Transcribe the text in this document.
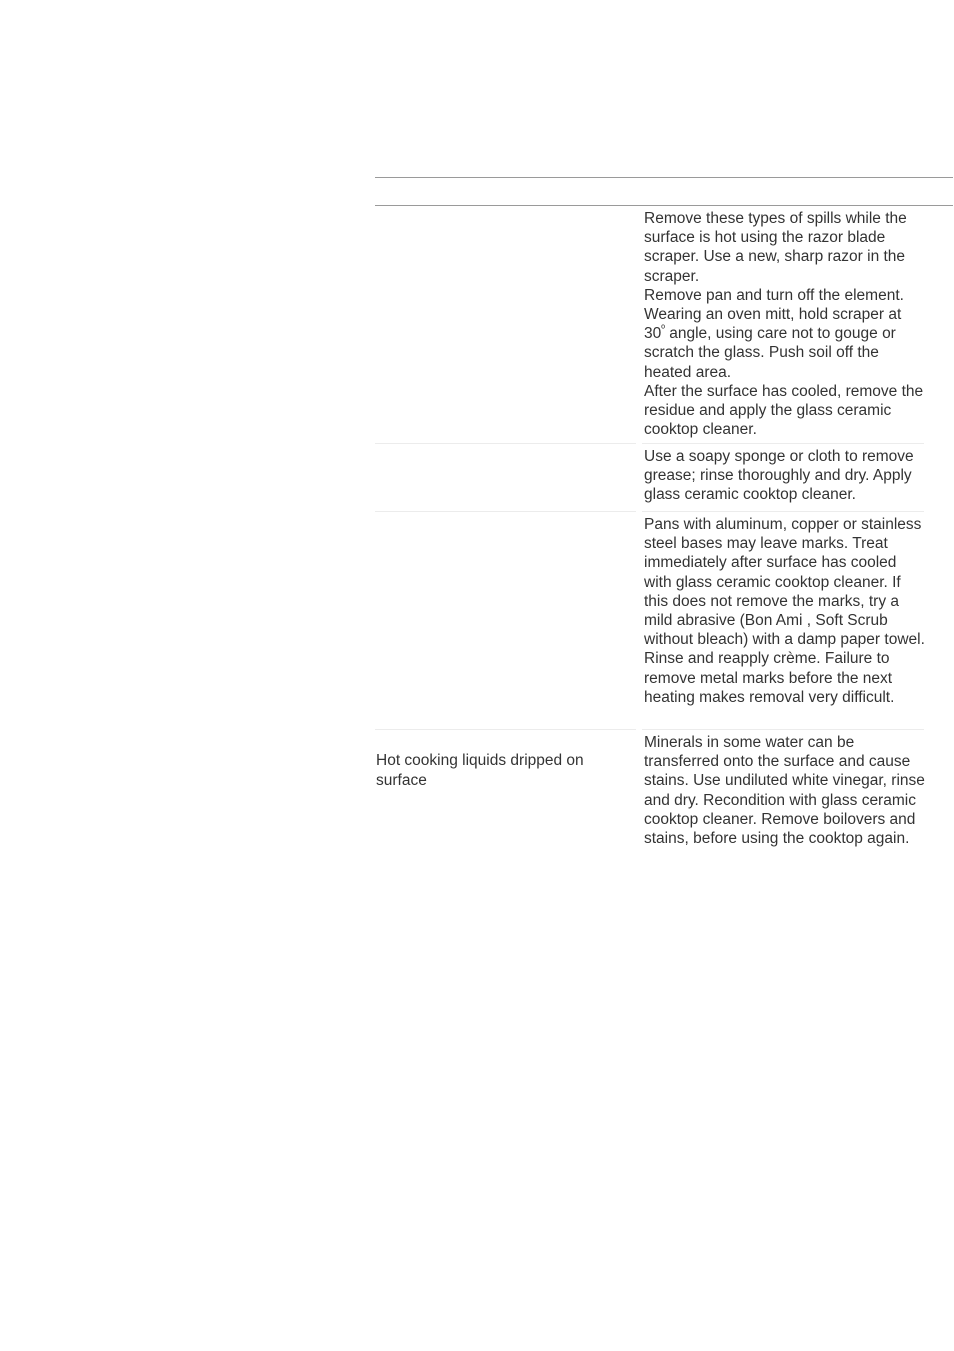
Remove these types of spills while the surface is hot using the razor blade scraper. Use a new, sharp razor in the scraper.

Remove pan and turn off the element. Wearing an oven mitt, hold scraper at

$30^º$ angle, using care not to gouge or scratch the glass. Push soil off the heated area.

After the surface has cooled, remove the residue and apply the glass ceramic cooktop cleaner.

Use a soapy sponge or cloth to remove grease; rinse thoroughly and dry. Apply glass ceramic cooktop cleaner.

Pans with aluminum, copper or stainless steel bases may leave marks. Treat immediately after surface has cooled with glass ceramic cooktop cleaner. If this does not remove the marks, try a mild abrasive (Bon Ami , Soft Scrub without bleach) with a damp paper towel. Rinse and reapply crème. Failure to remove metal marks before the next heating makes removal very difficult.

Hot cooking liquids dripped on surface

Minerals in some water can be transferred onto the surface and cause stains. Use undiluted white vinegar, rinse and dry. Recondition with glass ceramic cooktop cleaner. Remove boilovers and stains, before using the cooktop again.
